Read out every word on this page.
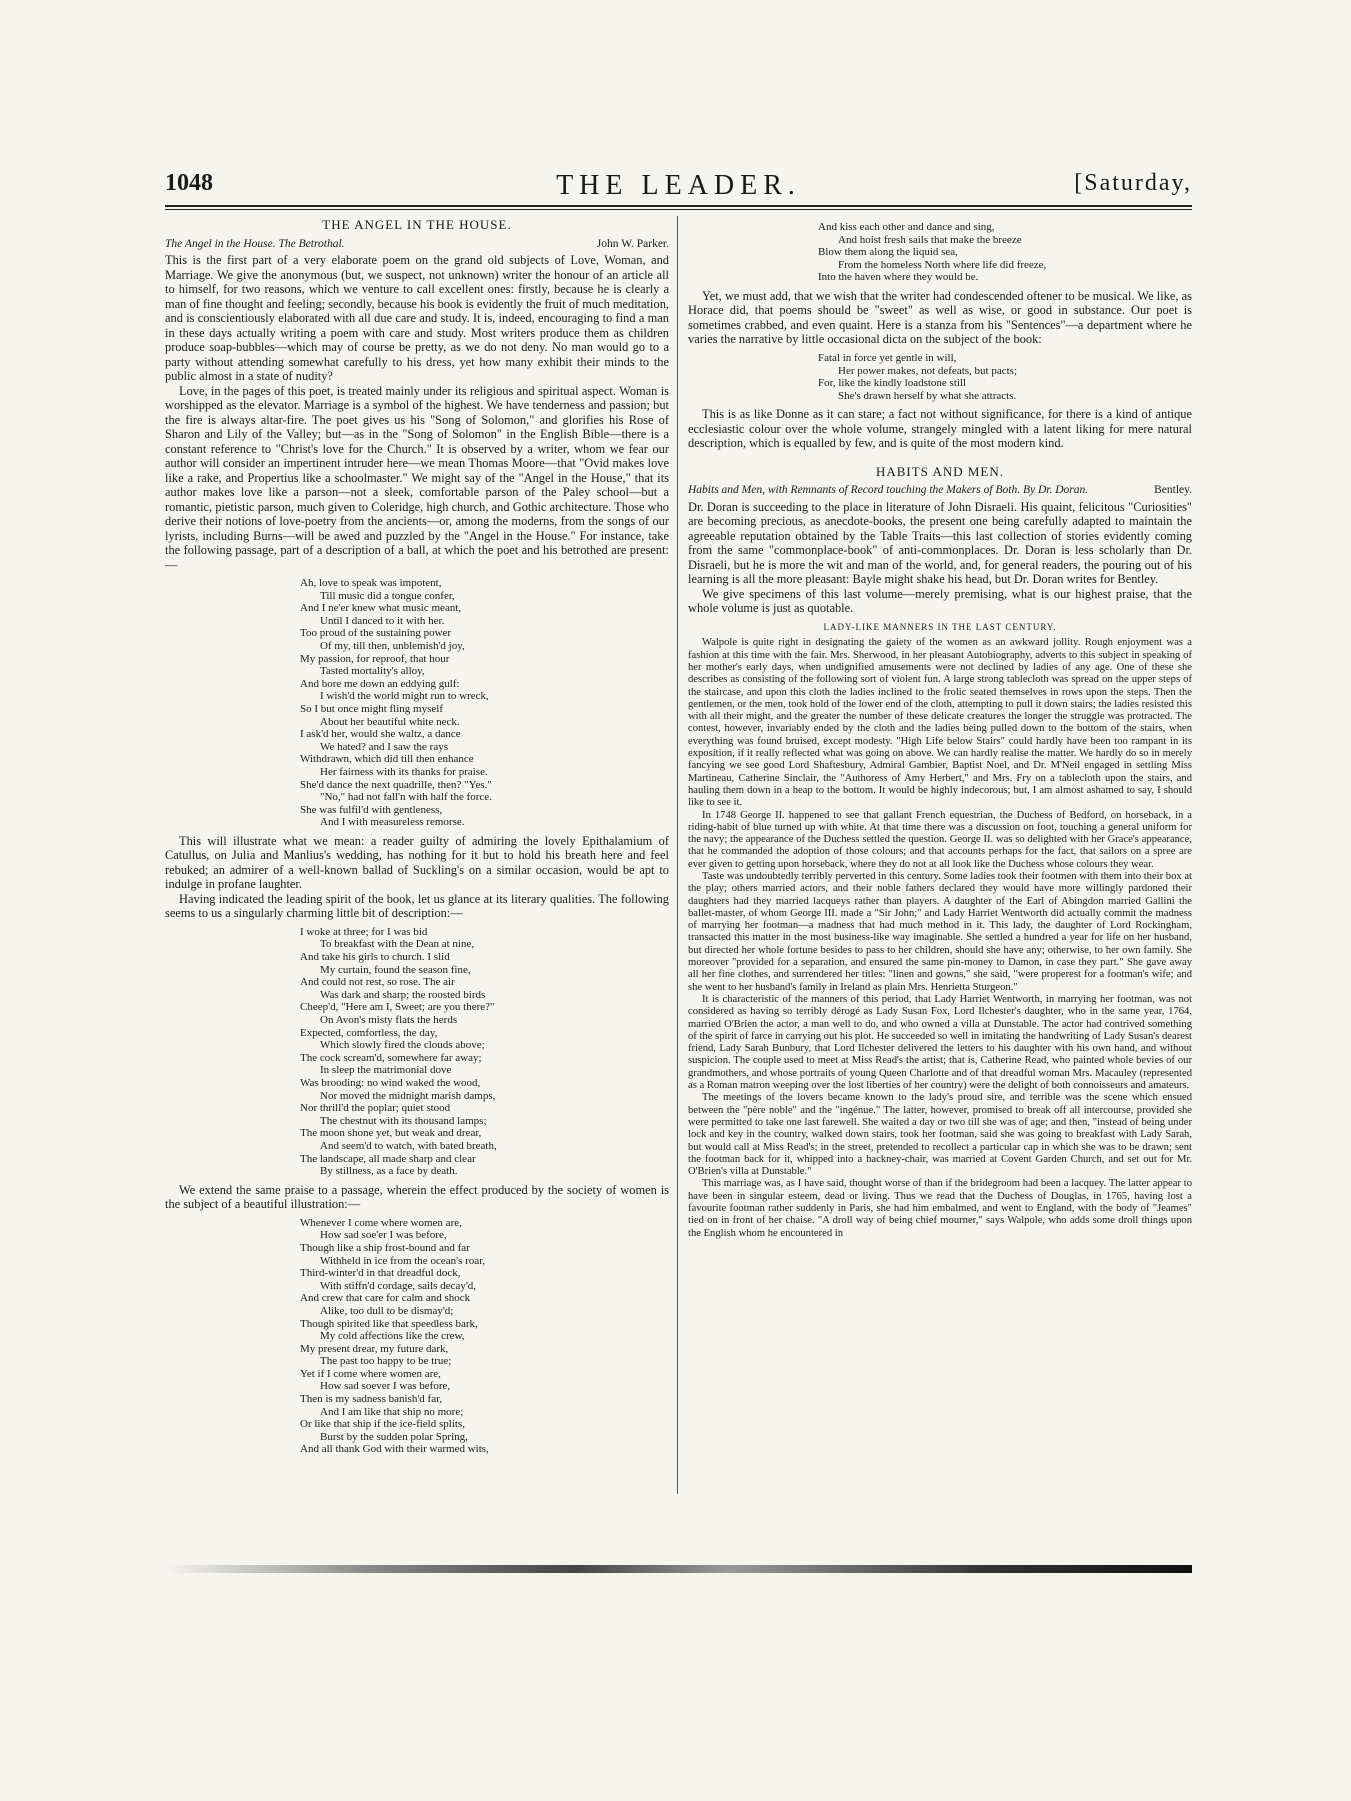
1048	THE LEADER.	[Saturday,
THE ANGEL IN THE HOUSE.
The Angel in the House. The Betrothal.	John W. Parker.

This is the first part of a very elaborate poem on the grand old subjects of Love, Woman, and Marriage. We give the anonymous (but, we suspect, not unknown) writer the honour of an article all to himself, for two reasons, which we venture to call excellent ones: firstly, because he is clearly a man of fine thought and feeling; secondly, because his book is evidently the fruit of much meditation, and is conscientiously elaborated with all due care and study. It is, indeed, encouraging to find a man in these days actually writing a poem with care and study. Most writers produce them as children produce soap-bubbles—which may of course be pretty, as we do not deny. No man would go to a party without attending somewhat carefully to his dress, yet how many exhibit their minds to the public almost in a state of nudity?

Love, in the pages of this poet, is treated mainly under its religious and spiritual aspect. Woman is worshipped as the elevator. Marriage is a symbol of the highest. We have tenderness and passion; but the fire is always altar-fire. The poet gives us his "Song of Solomon," and glorifies his Rose of Sharon and Lily of the Valley; but—as in the "Song of Solomon" in the English Bible—there is a constant reference to "Christ's love for the Church." It is observed by a writer, whom we fear our author will consider an impertinent intruder here—we mean Thomas Moore—that "Ovid makes love like a rake, and Propertius like a schoolmaster." We might say of the "Angel in the House," that its author makes love like a parson—not a sleek, comfortable parson of the Paley school—but a romantic, pietistic parson, much given to Coleridge, high church, and Gothic architecture. Those who derive their notions of love-poetry from the ancients—or, among the moderns, from the songs of our lyrists, including Burns—will be awed and puzzled by the "Angel in the House." For instance, take the following passage, part of a description of a ball, at which the poet and his betrothed are present:—

Ah, love to speak was impotent,
Till music did a tongue confer,
And I ne'er knew what music meant,
Until I danced to it with her.
Too proud of the sustaining power
Of my, till then, unblemish'd joy,
My passion, for reproof, that hour
Tasted mortality's alloy,
And bore me down an eddying gulf:
I wish'd the world might run to wreck,
So I but once might fling myself
About her beautiful white neck.
I ask'd her, would she waltz, a dance
We hated? and I saw the rays
Withdrawn, which did till then enhance
Her fairness with its thanks for praise.
She'd dance the next quadrille, then? "Yes."
"No," had not fall'n with half the force.
She was fulfil'd with gentleness,
And I with measureless remorse.

This will illustrate what we mean: a reader guilty of admiring the lovely Epithalamium of Catullus, on Julia and Manlius's wedding, has nothing for it but to hold his breath here and feel rebuked; an admirer of a well-known ballad of Suckling's on a similar occasion, would be apt to indulge in profane laughter.

Having indicated the leading spirit of the book, let us glance at its literary qualities. The following seems to us a singularly charming little bit of description:—

I woke at three; for I was bid
To breakfast with the Dean at nine,
And take his girls to church. I slid
My curtain, found the season fine,
And could not rest, so rose. The air
Was dark and sharp; the roosted birds
Cheep'd, "Here am I, Sweet; are you there?"
On Avon's misty flats the herds
Expected, comfortless, the day,
Which slowly fired the clouds above;
The cock scream'd, somewhere far away;
In sleep the matrimonial dove
Was brooding: no wind waked the wood,
Nor moved the midnight marish damps,
Nor thrill'd the poplar; quiet stood
The chestnut with its thousand lamps;
The moon shone yet, but weak and drear,
And seem'd to watch, with bated breath,
The landscape, all made sharp and clear
By stillness, as a face by death.

We extend the same praise to a passage, wherein the effect produced by the society of women is the subject of a beautiful illustration:—

Whenever I come where women are,
How sad soe'er I was before,
Though like a ship frost-bound and far
Withheld in ice from the ocean's roar,
Third-winter'd in that dreadful dock,
With stiffn'd cordage, sails decay'd,
And crew that care for calm and shock
Alike, too dull to be dismay'd;
Though spirited like that speedless bark,
My cold affections like the crew,
My present drear, my future dark,
The past too happy to be true;
Yet if I come where women are,
How sad soever I was before,
Then is my sadness banish'd far,
And I am like that ship no more;
Or like that ship if the ice-field splits,
Burst by the sudden polar Spring,
And all thank God with their warmed wits,
And kiss each other and dance and sing,
And hoist fresh sails that make the breeze
Blow them along the liquid sea,
From the homeless North where life did freeze,
Into the haven where they would be.

Yet, we must add, that we wish that the writer had condescended oftener to be musical. We like, as Horace did, that poems should be "sweet" as well as wise, or good in substance. Our poet is sometimes crabbed, and even quaint. Here is a stanza from his "Sentences"—a department where he varies the narrative by little occasional dicta on the subject of the book:

Fatal in force yet gentle in will,
Her power makes, not defeats, but pacts;
For, like the kindly loadstone still
She's drawn herself by what she attracts.

This is as like Donne as it can stare; a fact not without significance, for there is a kind of antique ecclesiastic colour over the whole volume, strangely mingled with a latent liking for mere natural description, which is equalled by few, and is quite of the most modern kind.

HABITS AND MEN.
Habits and Men, with Remnants of Record touching the Makers of Both. By Dr. Doran.	Bentley.

Dr. Doran is succeeding to the place in literature of John Disraeli. His quaint, felicitous "Curiosities" are becoming precious, as anecdote-books, the present one being carefully adapted to maintain the agreeable reputation obtained by the Table Traits—this last collection of stories evidently coming from the same "commonplace-book" of anti-commonplaces. Dr. Doran is less scholarly than Dr. Disraeli, but he is more the wit and man of the world, and, for general readers, the pouring out of his learning is all the more pleasant: Bayle might shake his head, but Dr. Doran writes for Bentley.

We give specimens of this last volume—merely premising, what is our highest praise, that the whole volume is just as quotable.

LADY-LIKE MANNERS IN THE LAST CENTURY.

Walpole is quite right in designating the gaiety of the women as an awkward jollity. Rough enjoyment was a fashion at this time with the fair. Mrs. Sherwood, in her pleasant Autobiography, adverts to this subject in speaking of her mother's early days, when undignified amusements were not declined by ladies of any age. One of these she describes as consisting of the following sort of violent fun. A large strong tablecloth was spread on the upper steps of the staircase, and upon this cloth the ladies inclined to the frolic seated themselves in rows upon the steps. Then the gentlemen, or the men, took hold of the lower end of the cloth, attempting to pull it down stairs; the ladies resisted this with all their might, and the greater the number of these delicate creatures the longer the struggle was protracted. The contest, however, invariably ended by the cloth and the ladies being pulled down to the bottom of the stairs, when everything was found bruised, except modesty. "High Life below Stairs" could hardly have been too rampant in its exposition, if it really reflected what was going on above. We can hardly realise the matter. We hardly do so in merely fancying we see good Lord Shaftesbury, Admiral Gambier, Baptist Noel, and Dr. M'Neil engaged in settling Miss Martineau, Catherine Sinclair, the "Authoress of Amy Herbert," and Mrs. Fry on a tablecloth upon the stairs, and hauling them down in a heap to the bottom. It would be highly indecorous; but, I am almost ashamed to say, I should like to see it.

In 1748 George II. happened to see that gallant French equestrian, the Duchess of Bedford, on horseback, in a riding-habit of blue turned up with white. At that time there was a discussion on foot, touching a general uniform for the navy; the appearance of the Duchess settled the question. George II. was so delighted with her Grace's appearance, that he commanded the adoption of those colours; and that accounts perhaps for the fact, that sailors on a spree are ever given to getting upon horseback, where they do not at all look like the Duchess whose colours they wear.

Taste was undoubtedly terribly perverted in this century. Some ladies took their footmen with them into their box at the play; others married actors, and their noble fathers declared they would have more willingly pardoned their daughters had they married lacqueys rather than players. A daughter of the Earl of Abingdon married Gallini the ballet-master, of whom George III. made a "Sir John;" and Lady Harriet Wentworth did actually commit the madness of marrying her footman—a madness that had much method in it. This lady, the daughter of Lord Rockingham, transacted this matter in the most business-like way imaginable. She settled a hundred a year for life on her husband, but directed her whole fortune besides to pass to her children, should she have any; otherwise, to her own family. She moreover "provided for a separation, and ensured the same pin-money to Damon, in case they part." She gave away all her fine clothes, and surrendered her titles: "linen and gowns," she said, "were properest for a footman's wife; and she went to her husband's family in Ireland as plain Mrs. Henrietta Sturgeon."

It is characteristic of the manners of this period, that Lady Harriet Wentworth, in marrying her footman, was not considered as having so terribly dérogé as Lady Susan Fox, Lord Ilchester's daughter, who in the same year, 1764, married O'Brien the actor, a man well to do, and who owned a villa at Dunstable. The actor had contrived something of the spirit of farce in carrying out his plot. He succeeded so well in imitating the handwriting of Lady Susan's dearest friend, Lady Sarah Bunbury, that Lord Ilchester delivered the letters to his daughter with his own hand, and without suspicion. The couple used to meet at Miss Read's the artist; that is, Catherine Read, who painted whole bevies of our grandmothers, and whose portraits of young Queen Charlotte and of that dreadful woman Mrs. Macauley (represented as a Roman matron weeping over the lost liberties of her country) were the delight of both connoisseurs and amateurs.

The meetings of the lovers became known to the lady's proud sire, and terrible was the scene which ensued between the "père noble" and the "ingénue." The latter, however, promised to break off all intercourse, provided she were permitted to take one last farewell. She waited a day or two till she was of age; and then, "instead of being under lock and key in the country, walked down stairs, took her footman, said she was going to breakfast with Lady Sarah, but would call at Miss Read's; in the street, pretended to recollect a particular cap in which she was to be drawn; sent the footman back for it, whipped into a hackney-chair, was married at Covent Garden Church, and set out for Mr. O'Brien's villa at Dunstable."

This marriage was, as I have said, thought worse of than if the bridegroom had been a lacquey. The latter appear to have been in singular esteem, dead or living. Thus we read that the Duchess of Douglas, in 1765, having lost a favourite footman rather suddenly in Paris, she had him embalmed, and went to England, with the body of "Jeames" tied on in front of her chaise. "A droll way of being chief mourner," says Walpole, who adds some droll things upon the English whom he encountered in
